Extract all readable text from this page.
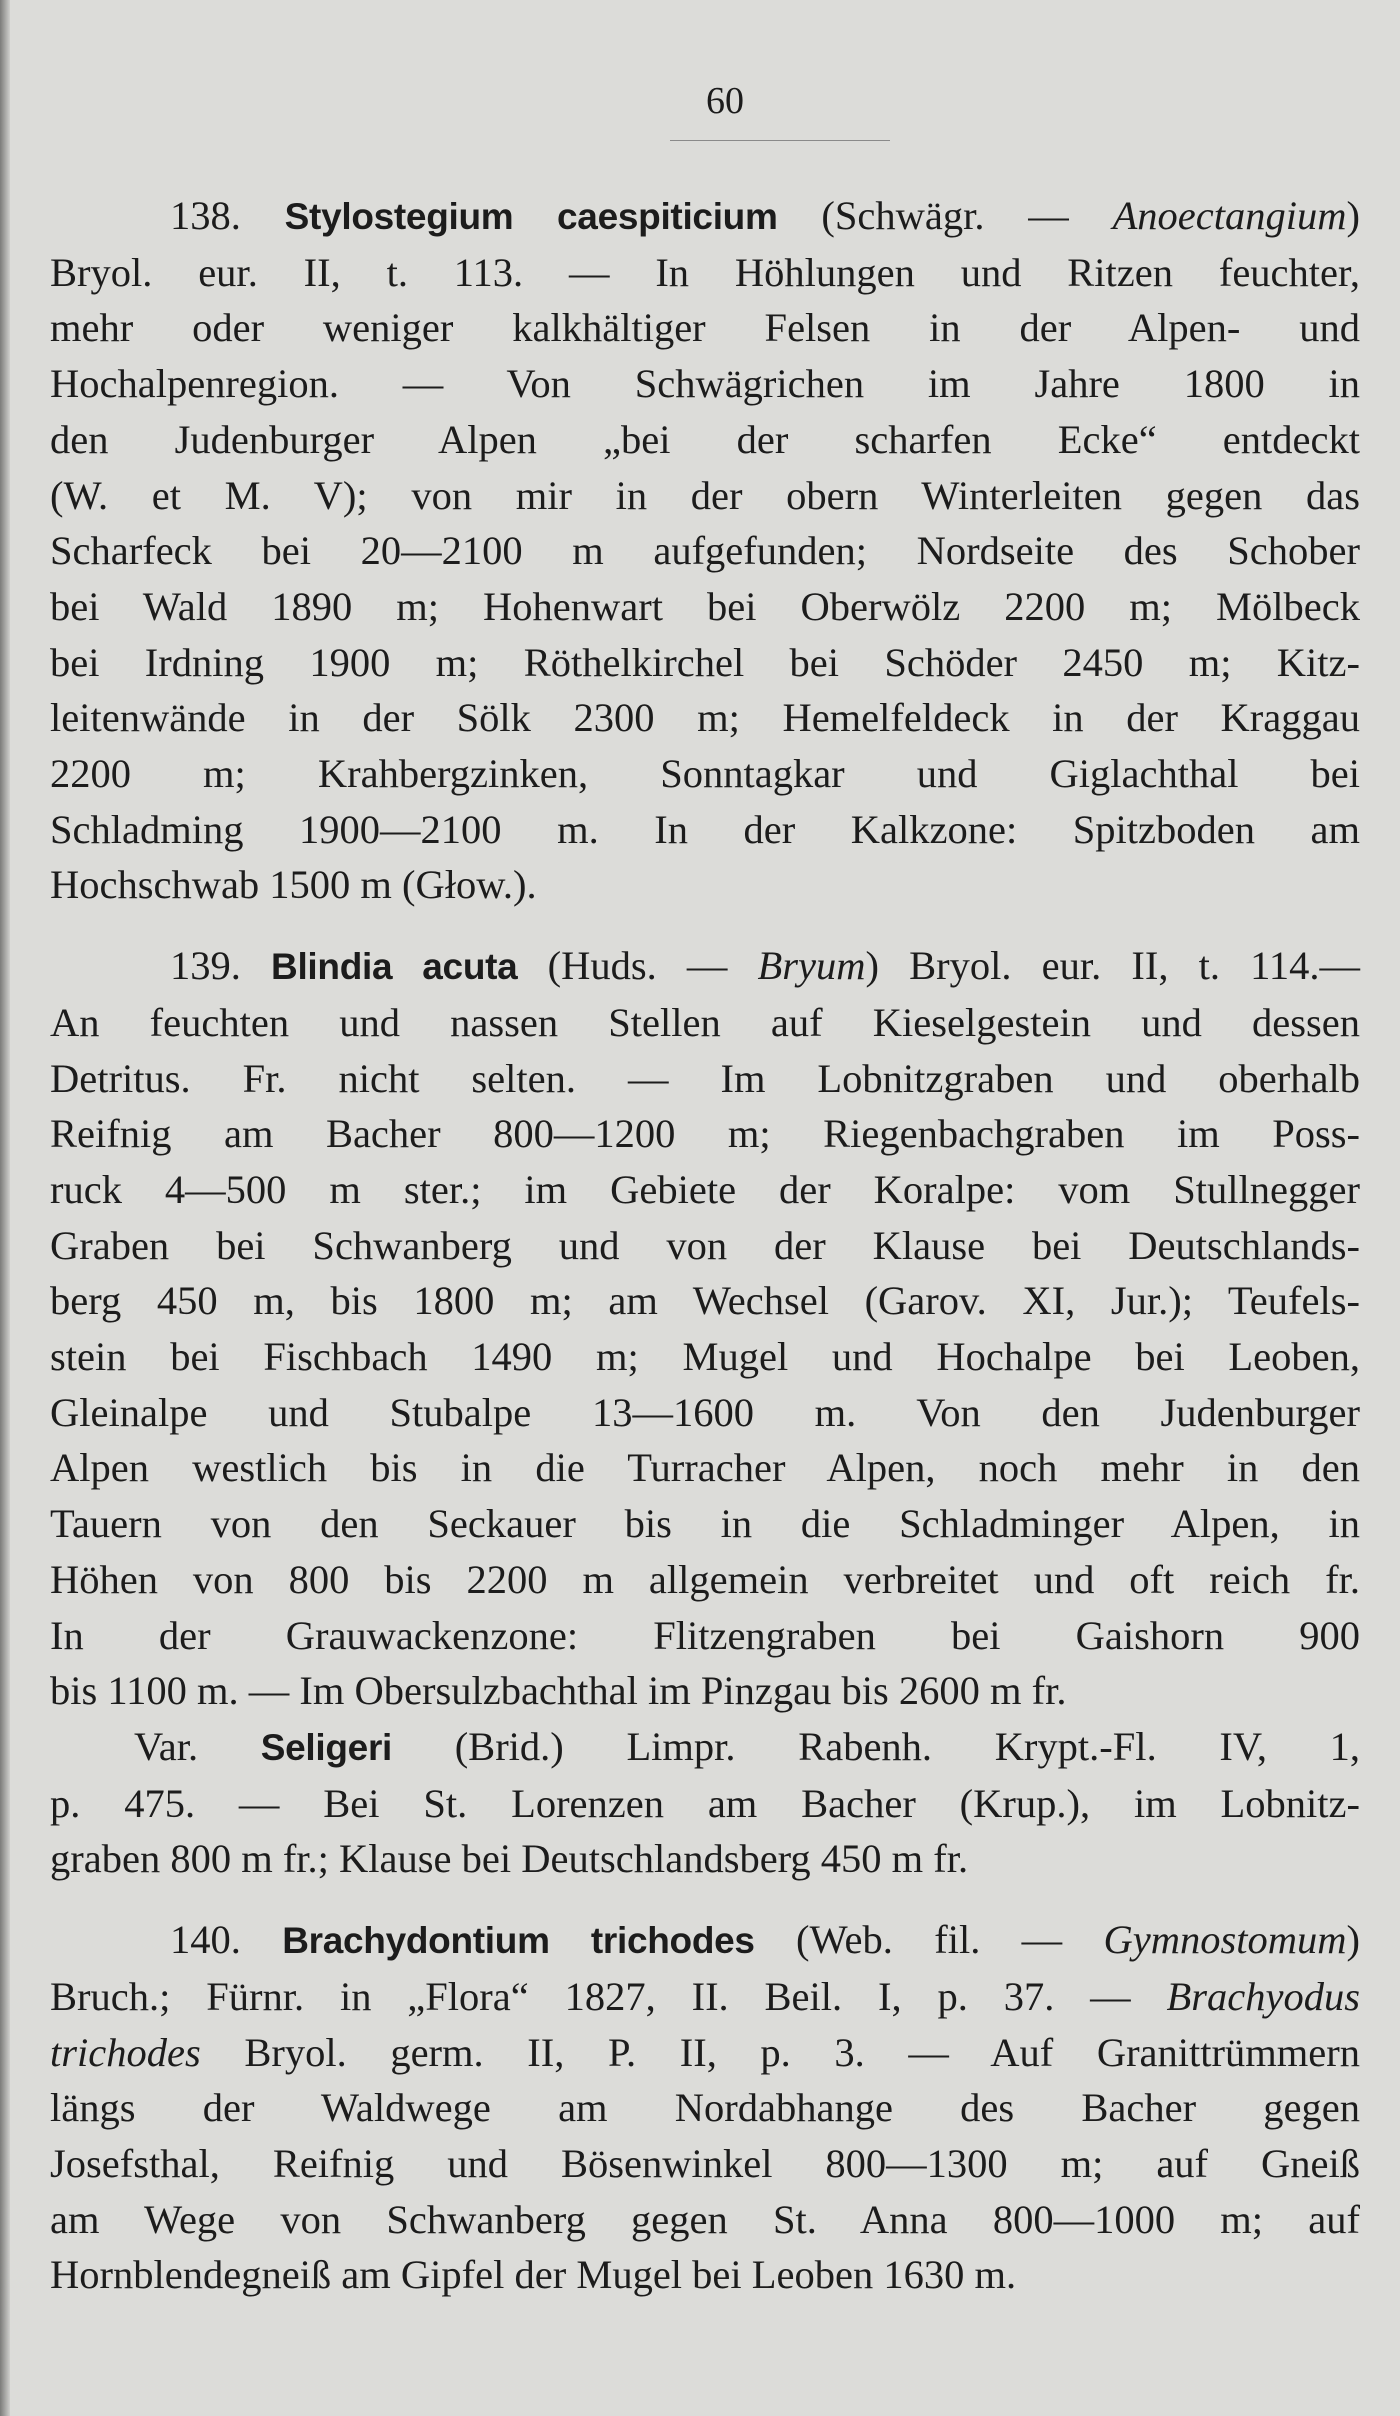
60

138. Stylostegium caespiticium (Schwägr. — Anoectangium)

Bryol. eur. II, t. 113. — In Höhlungen und Ritzen feuchter,

mehr oder weniger kalkhältiger Felsen in der Alpen- und

Hochalpenregion. — Von Schwägrichen im Jahre 1800 in

den Judenburger Alpen „bei der scharfen Ecke“ entdeckt

(W. et M. V); von mir in der obern Winterleiten gegen das

Scharfeck bei 20—2100 m aufgefunden; Nordseite des Schober

bei Wald 1890 m; Hohenwart bei Oberwölz 2200 m; Mölbeck

bei Irdning 1900 m; Röthelkirchel bei Schöder 2450 m; Kitz-

leitenwände in der Sölk 2300 m; Hemelfeldeck in der Kraggau

2200 m; Krahbergzinken, Sonntagkar und Giglachthal bei

Schladming 1900—2100 m. In der Kalkzone: Spitzboden am

Hochschwab 1500 m (Głow.).

139. Blindia acuta (Huds. — Bryum) Bryol. eur. II, t. 114.—

An feuchten und nassen Stellen auf Kieselgestein und dessen

Detritus. Fr. nicht selten. — Im Lobnitzgraben und oberhalb

Reifnig am Bacher 800—1200 m; Riegenbachgraben im Poss-

ruck 4—500 m ster.; im Gebiete der Koralpe: vom Stullnegger

Graben bei Schwanberg und von der Klause bei Deutschlands-

berg 450 m, bis 1800 m; am Wechsel (Garov. XI, Jur.); Teufels-

stein bei Fischbach 1490 m; Mugel und Hochalpe bei Leoben,

Gleinalpe und Stubalpe 13—1600 m. Von den Judenburger

Alpen westlich bis in die Turracher Alpen, noch mehr in den

Tauern von den Seckauer bis in die Schladminger Alpen, in

Höhen von 800 bis 2200 m allgemein verbreitet und oft reich fr.

In der Grauwackenzone: Flitzengraben bei Gaishorn 900

bis 1100 m. — Im Obersulzbachthal im Pinzgau bis 2600 m fr.

Var. Seligeri (Brid.) Limpr. Rabenh. Krypt.-Fl. IV, 1,

p. 475. — Bei St. Lorenzen am Bacher (Krup.), im Lobnitz-

graben 800 m fr.; Klause bei Deutschlandsberg 450 m fr.

140. Brachydontium trichodes (Web. fil. — Gymnostomum)

Bruch.; Fürnr. in „Flora“ 1827, II. Beil. I, p. 37. — Brachyodus

trichodes Bryol. germ. II, P. II, p. 3. — Auf Granittrümmern

längs der Waldwege am Nordabhange des Bacher gegen

Josefsthal, Reifnig und Bösenwinkel 800—1300 m; auf Gneiß

am Wege von Schwanberg gegen St. Anna 800—1000 m; auf

Hornblendegneiß am Gipfel der Mugel bei Leoben 1630 m.
